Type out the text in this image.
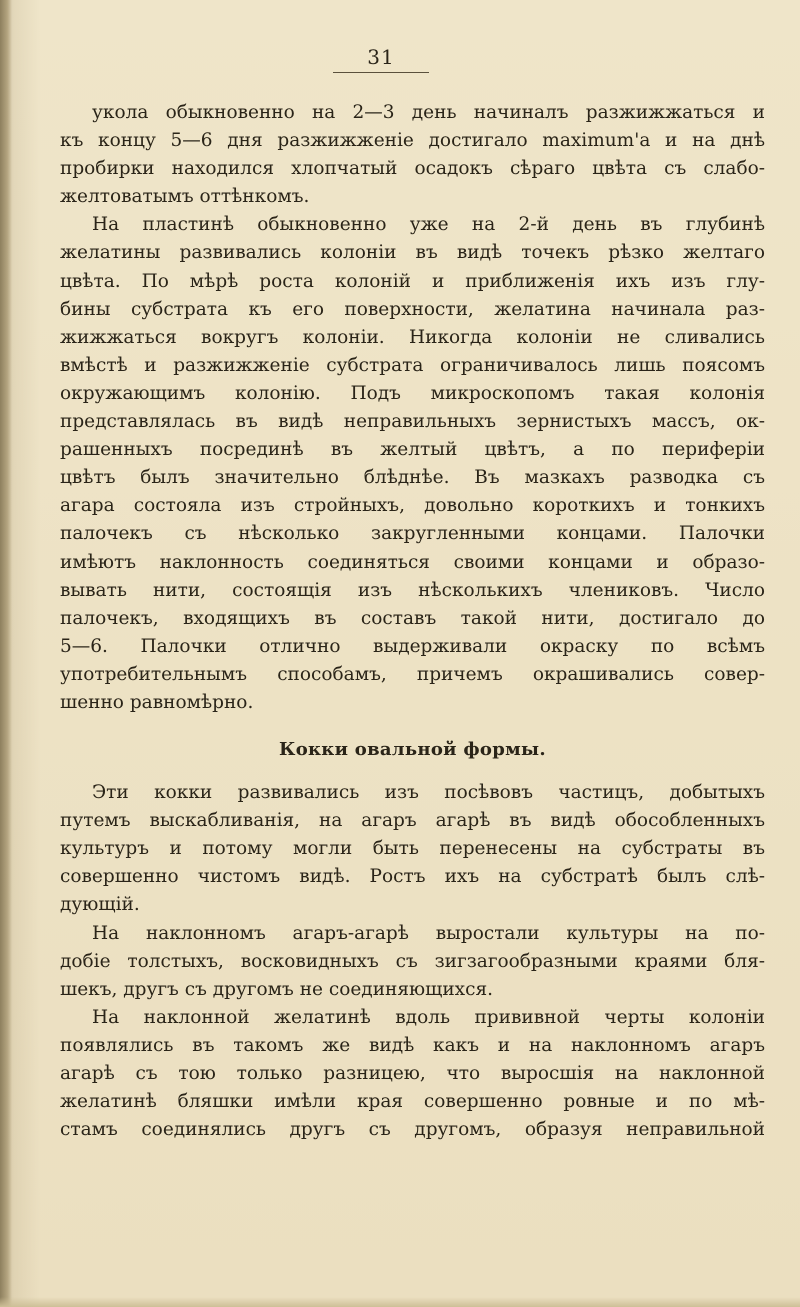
31
укола обыкновенно на 2—3 день начиналъ разжижжаться и
къ концу 5—6 дня разжижженіе достигало maximum'a и на днѣ
пробирки находился хлопчатый осадокъ сѣраго цвѣта съ слабо-
желтоватымъ оттѣнкомъ.
На пластинѣ обыкновенно уже на 2-й день въ глубинѣ
желатины развивались колоніи въ видѣ точекъ рѣзко желтаго
цвѣта. По мѣрѣ роста колоній и приближенія ихъ изъ глу-
бины субстрата къ его поверхности, желатина начинала раз-
жижжаться вокругъ колоніи. Никогда колоніи не сливались
вмѣстѣ и разжижженіе субстрата ограничивалось лишь поясомъ
окружающимъ колонію. Подъ микроскопомъ такая колонія
представлялась въ видѣ неправильныхъ зернистыхъ массъ, ок-
рашенныхъ посрединѣ въ желтый цвѣтъ, а по периферіи
цвѣтъ былъ значительно блѣднѣе. Въ мазкахъ разводка съ
агара состояла изъ стройныхъ, довольно короткихъ и тонкихъ
палочекъ съ нѣсколько закругленными концами. Палочки
имѣютъ наклонность соединяться своими концами и образо-
вывать нити, состоящія изъ нѣсколькихъ члениковъ. Число
палочекъ, входящихъ въ составъ такой нити, достигало до
5—6. Палочки отлично выдерживали окраску по всѣмъ
употребительнымъ способамъ, причемъ окрашивались совер-
шенно равномѣрно.
Кокки овальной формы.
Эти кокки развивались изъ посѣвовъ частицъ, добытыхъ
путемъ выскабливанія, на агаръ агарѣ въ видѣ обособленныхъ
культуръ и потому могли быть перенесены на субстраты въ
совершенно чистомъ видѣ. Ростъ ихъ на субстратѣ былъ слѣ-
дующій.
На наклонномъ агаръ-агарѣ выростали культуры на по-
добіе толстыхъ, восковидныхъ съ зигзагообразными краями бля-
шекъ, другъ съ другомъ не соединяющихся.
На наклонной желатинѣ вдоль прививной черты колоніи
появлялись въ такомъ же видѣ какъ и на наклонномъ агаръ
агарѣ съ тою только разницею, что выросшія на наклонной
желатинѣ бляшки имѣли края совершенно ровные и по мѣ-
стамъ соединялись другъ съ другомъ, образуя неправильной
